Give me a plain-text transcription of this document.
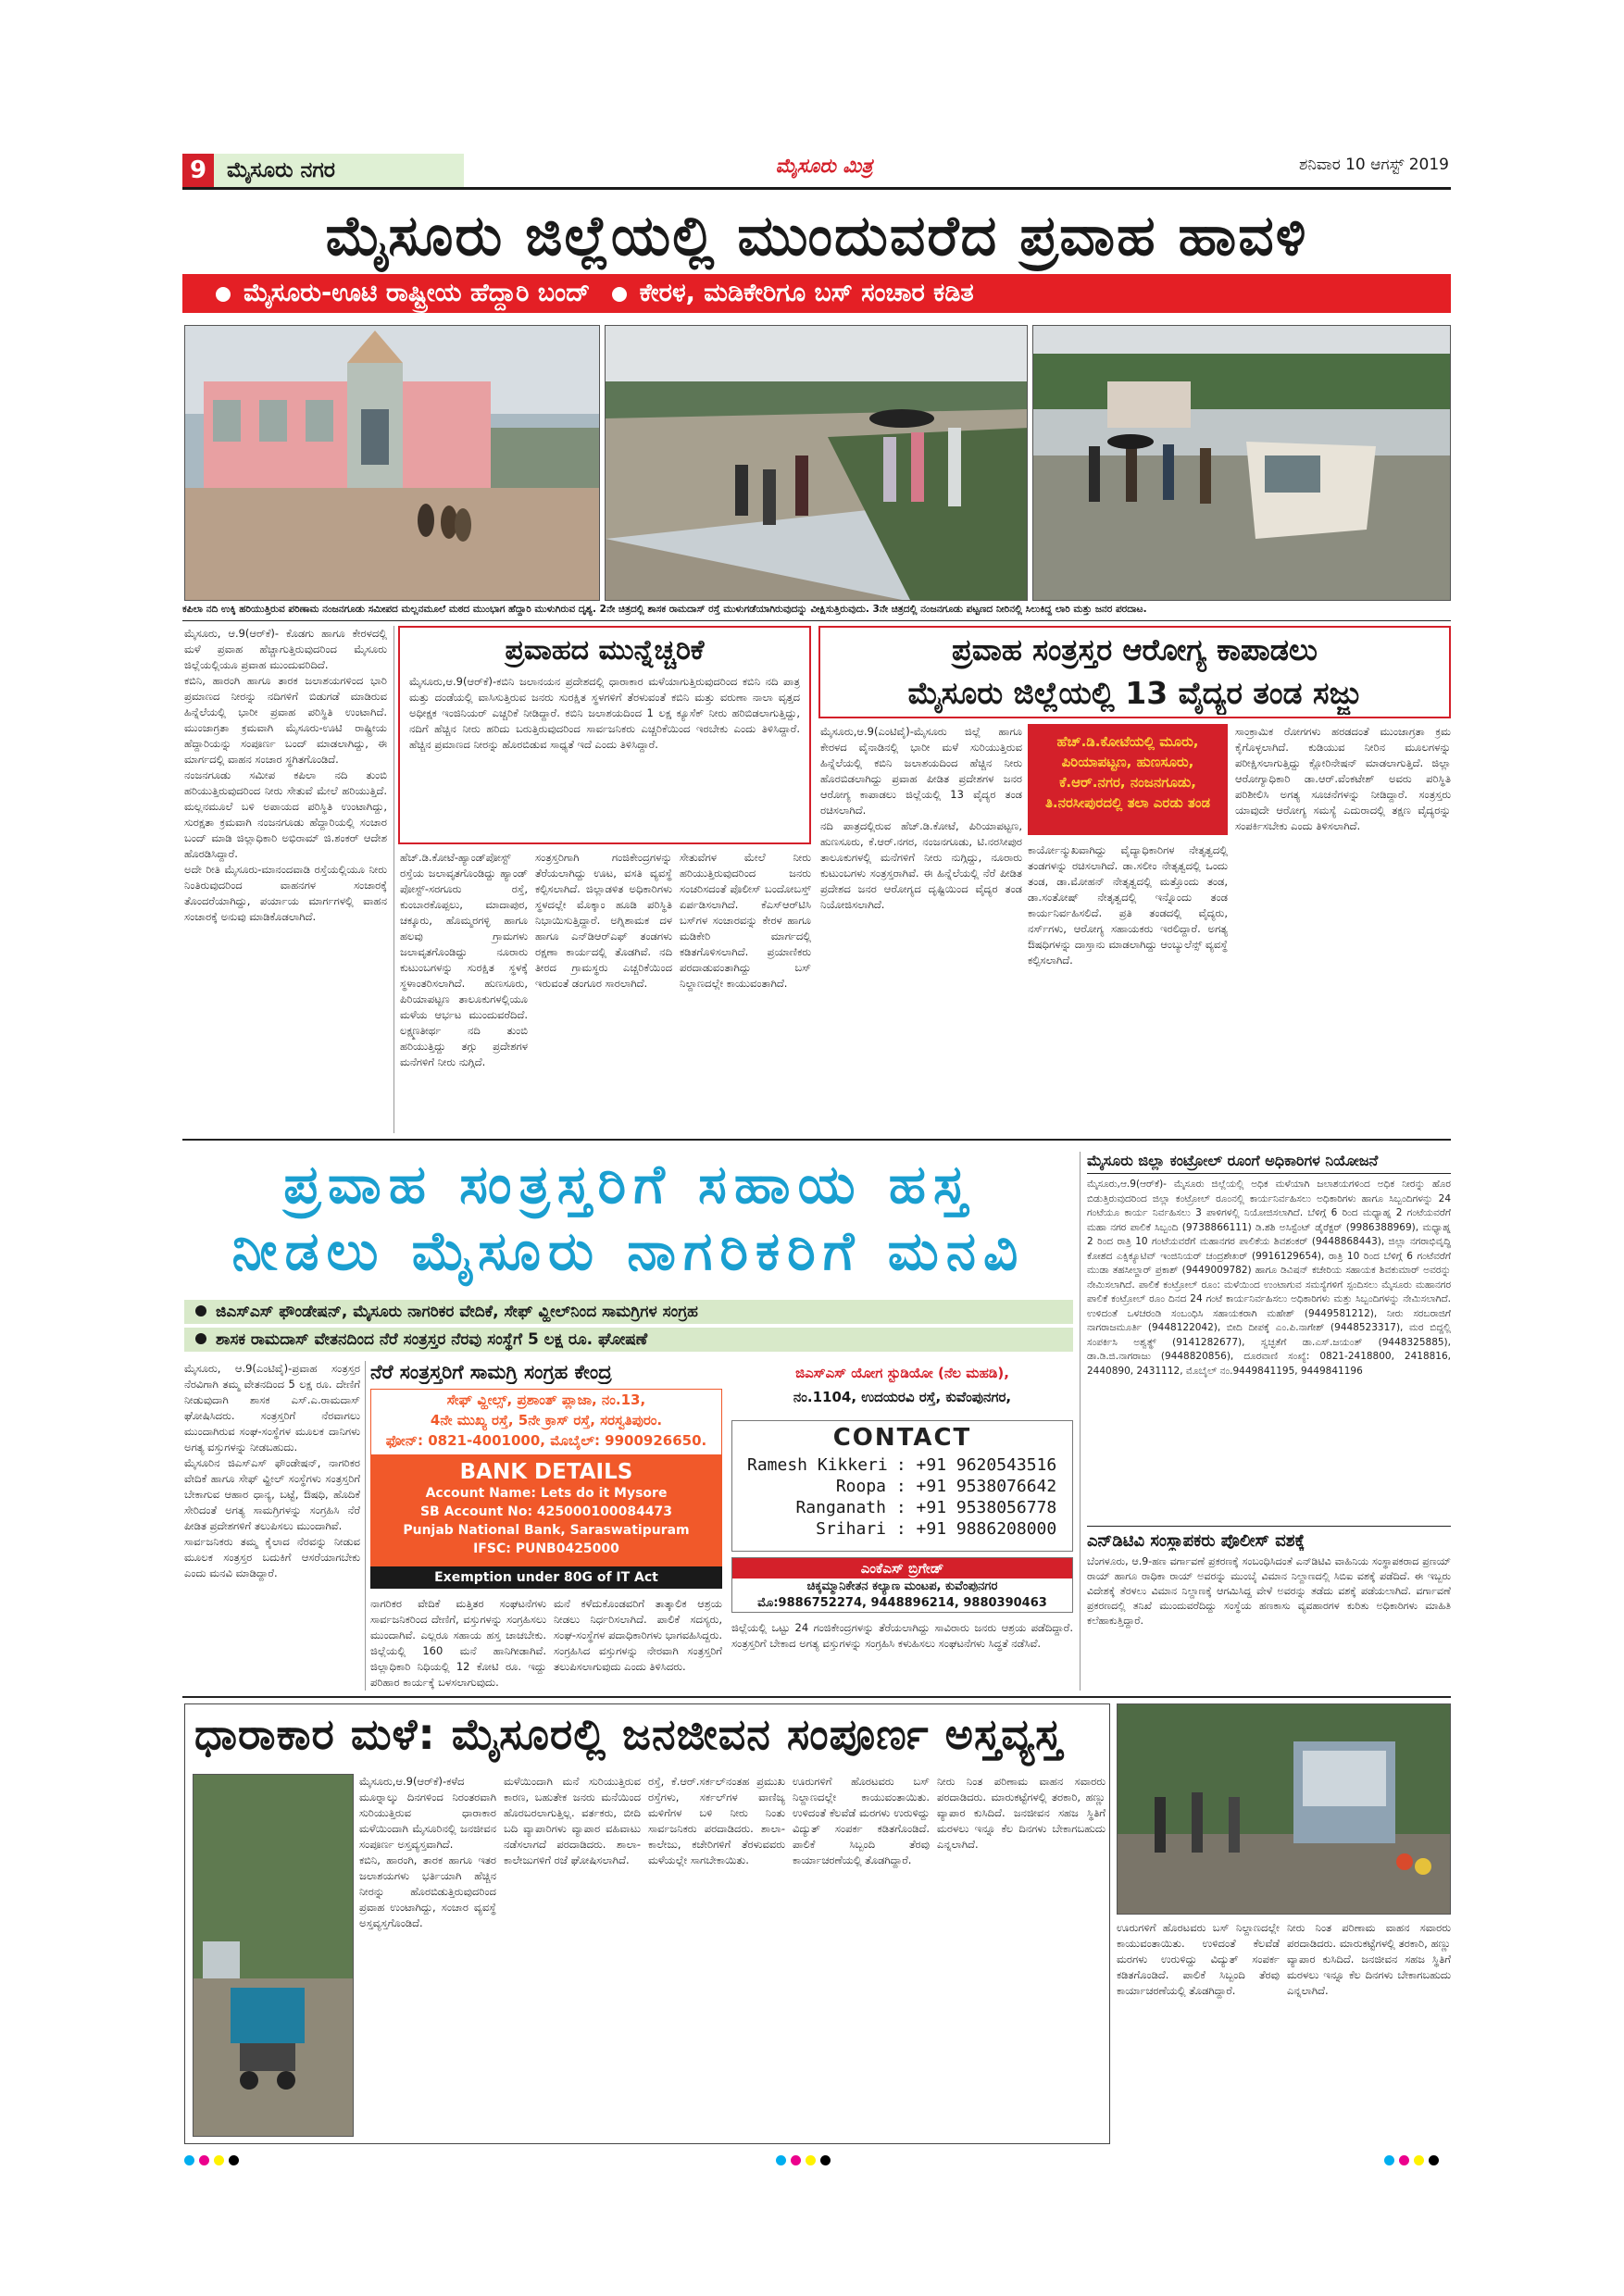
9 ಮೈಸೂರು ನಗರ	ಮೈಸೂರು ಮಿತ್ರ	ಶನಿವಾರ 10 ಆಗಸ್ಟ್ 2019
ಮೈಸೂರು ಜಿಲ್ಲೆಯಲ್ಲಿ ಮುಂದುವರೆದ ಪ್ರವಾಹ ಹಾವಳಿ
ಮೈಸೂರು-ಊಟಿ ರಾಷ್ಟ್ರೀಯ ಹೆದ್ದಾರಿ ಬಂದ್ ಕೇರಳ, ಮಡಿಕೇರಿಗೂ ಬಸ್ ಸಂಚಾರ ಕಡಿತ
ಕಪಿಲಾ ನದಿ ಉಕ್ಕಿ ಹರಿಯುತ್ತಿರುವ ಪರಿಣಾಮ ನಂಜನಗೂಡು ಸಮೀಪದ ಮಲ್ಲನಮೂಲೆ ಮಠದ ಮುಂಭಾಗ ಹೆದ್ದಾರಿ ಮುಳುಗಿರುವ ದೃಶ್ಯ. 2ನೇ ಚಿತ್ರದಲ್ಲಿ ಶಾಸಕ ರಾಮದಾಸ್ ರಸ್ತೆ ಮುಳುಗಡೆಯಾಗಿರುವುದನ್ನು ವೀಕ್ಷಿಸುತ್ತಿರುವುದು. 3ನೇ ಚಿತ್ರದಲ್ಲಿ ನಂಜನಗೂಡು ಪಟ್ಟಣದ ನೀರಿನಲ್ಲಿ ಸಿಲುಕಿದ್ದ ಲಾರಿ ಮತ್ತು ಜನರ ಪರದಾಟ.
ಮೈಸೂರು, ಆ.9(ಆರ್‌ಕೆ)- ಕೊಡಗು ಹಾಗೂ ಕೇರಳದಲ್ಲಿ ಮಳೆ ಪ್ರವಾಹ ಹೆಚ್ಚಾಗುತ್ತಿರುವುದರಿಂದ ಮೈಸೂರು ಜಿಲ್ಲೆಯಲ್ಲಿಯೂ ಪ್ರವಾಹ ಮುಂದುವರಿದಿದೆ.
ಕಬಿನಿ, ಹಾರಂಗಿ ಹಾಗೂ ತಾರಕ ಜಲಾಶಯಗಳಿಂದ ಭಾರಿ ಪ್ರಮಾಣದ ನೀರನ್ನು ನದಿಗಳಿಗೆ ಬಿಡುಗಡೆ ಮಾಡಿರುವ ಹಿನ್ನೆಲೆಯಲ್ಲಿ ಭಾರೀ ಪ್ರವಾಹ ಪರಿಸ್ಥಿತಿ ಉಂಟಾಗಿದೆ. ಮುಂಜಾಗ್ರತಾ ಕ್ರಮವಾಗಿ ಮೈಸೂರು-ಊಟಿ ರಾಷ್ಟ್ರೀಯ ಹೆದ್ದಾರಿಯನ್ನು ಸಂಪೂರ್ಣ ಬಂದ್ ಮಾಡಲಾಗಿದ್ದು, ಈ ಮಾರ್ಗದಲ್ಲಿ ವಾಹನ ಸಂಚಾರ ಸ್ಥಗಿತಗೊಂಡಿದೆ.
ನಂಜನಗೂಡು ಸಮೀಪ ಕಪಿಲಾ ನದಿ ತುಂಬಿ ಹರಿಯುತ್ತಿರುವುದರಿಂದ ನೀರು ಸೇತುವೆ ಮೇಲೆ ಹರಿಯುತ್ತಿದೆ. ಮಲ್ಲನಮೂಲೆ ಬಳಿ ಅಪಾಯದ ಪರಿಸ್ಥಿತಿ ಉಂಟಾಗಿದ್ದು, ಸುರಕ್ಷತಾ ಕ್ರಮವಾಗಿ ನಂಜನಗೂಡು ಹೆದ್ದಾರಿಯಲ್ಲಿ ಸಂಚಾರ ಬಂದ್ ಮಾಡಿ ಜಿಲ್ಲಾಧಿಕಾರಿ ಅಭಿರಾಮ್ ಜಿ.ಶಂಕರ್ ಆದೇಶ ಹೊರಡಿಸಿದ್ದಾರೆ.
ಅದೇ ರೀತಿ ಮೈಸೂರು-ಮಾನಂದವಾಡಿ ರಸ್ತೆಯಲ್ಲಿಯೂ ನೀರು ನಿಂತಿರುವುದರಿಂದ ವಾಹನಗಳ ಸಂಚಾರಕ್ಕೆ ತೊಂದರೆಯಾಗಿದ್ದು, ಪರ್ಯಾಯ ಮಾರ್ಗಗಳಲ್ಲಿ ವಾಹನ ಸಂಚಾರಕ್ಕೆ ಅನುವು ಮಾಡಿಕೊಡಲಾಗಿದೆ.
ಪ್ರವಾಹದ ಮುನ್ನೆಚ್ಚರಿಕೆ
ಮೈಸೂರು,ಆ.9(ಆರ್‌ಕೆ)-ಕಬಿನಿ ಜಲಾನಯನ ಪ್ರದೇಶದಲ್ಲಿ ಧಾರಾಕಾರ ಮಳೆಯಾಗುತ್ತಿರುವುದರಿಂದ ಕಬಿನಿ ನದಿ ಪಾತ್ರ ಮತ್ತು ದಂಡೆಯಲ್ಲಿ ವಾಸಿಸುತ್ತಿರುವ ಜನರು ಸುರಕ್ಷಿತ ಸ್ಥಳಗಳಿಗೆ ತೆರಳುವಂತೆ ಕಬಿನಿ ಮತ್ತು ವರುಣಾ ನಾಲಾ ವೃತ್ತದ ಅಧೀಕ್ಷಕ ಇಂಜಿನಿಯರ್ ಎಚ್ಚರಿಕೆ ನೀಡಿದ್ದಾರೆ. ಕಬಿನಿ ಜಲಾಶಯದಿಂದ 1 ಲಕ್ಷ ಕ್ಯೂಸೆಕ್ ನೀರು ಹರಿಬಿಡಲಾಗುತ್ತಿದ್ದು, ನದಿಗೆ ಹೆಚ್ಚಿನ ನೀರು ಹರಿದು ಬರುತ್ತಿರುವುದರಿಂದ ಸಾರ್ವಜನಿಕರು ಎಚ್ಚರಿಕೆಯಿಂದ ಇರಬೇಕು ಎಂದು ತಿಳಿಸಿದ್ದಾರೆ. ಹೆಚ್ಚಿನ ಪ್ರಮಾಣದ ನೀರನ್ನು ಹೊರಬಿಡುವ ಸಾಧ್ಯತೆ ಇದೆ ಎಂದು ತಿಳಿಸಿದ್ದಾರೆ.
ಹೆಚ್.ಡಿ.ಕೋಟೆ-ಹ್ಯಾಂಡ್‌ಪೋಸ್ಟ್ ರಸ್ತೆಯ ಜಲಾವೃತಗೊಂಡಿದ್ದು ಹ್ಯಾಂಡ್ ಪೋಸ್ಟ್-ಸರಗೂರು ರಸ್ತೆ, ಕುಂಬಾರಕೊಪ್ಪಲು, ಮಾದಾಪುರ, ಚಕ್ಕೂರು, ಹೊಮ್ಮರಗಳ್ಳಿ ಹಾಗೂ ಹಲವು ಗ್ರಾಮಗಳು ಜಲಾವೃತಗೊಂಡಿದ್ದು ನೂರಾರು ಕುಟುಂಬಗಳನ್ನು ಸುರಕ್ಷಿತ ಸ್ಥಳಕ್ಕೆ ಸ್ಥಳಾಂತರಿಸಲಾಗಿದೆ. ಹುಣಸೂರು, ಪಿರಿಯಾಪಟ್ಟಣ ತಾಲೂಕುಗಳಲ್ಲಿಯೂ ಮಳೆಯ ಆರ್ಭಟ ಮುಂದುವರೆದಿದೆ. ಲಕ್ಷ್ಮಣತೀರ್ಥ ನದಿ ತುಂಬಿ ಹರಿಯುತ್ತಿದ್ದು ತಗ್ಗು ಪ್ರದೇಶಗಳ ಮನೆಗಳಿಗೆ ನೀರು ನುಗ್ಗಿದೆ.
ಸಂತ್ರಸ್ತರಿಗಾಗಿ ಗಂಜಿಕೇಂದ್ರಗಳನ್ನು ತೆರೆಯಲಾಗಿದ್ದು ಊಟ, ವಸತಿ ವ್ಯವಸ್ಥೆ ಕಲ್ಪಿಸಲಾಗಿದೆ. ಜಿಲ್ಲಾಡಳಿತ ಅಧಿಕಾರಿಗಳು ಸ್ಥಳದಲ್ಲೇ ಮೊಕ್ಕಾಂ ಹೂಡಿ ಪರಿಸ್ಥಿತಿ ನಿಭಾಯಿಸುತ್ತಿದ್ದಾರೆ. ಅಗ್ನಿಶಾಮಕ ದಳ ಹಾಗೂ ಎನ್‌ಡಿಆರ್‌ಎಫ್ ತಂಡಗಳು ರಕ್ಷಣಾ ಕಾರ್ಯದಲ್ಲಿ ತೊಡಗಿವೆ. ನದಿ ತೀರದ ಗ್ರಾಮಸ್ಥರು ಎಚ್ಚರಿಕೆಯಿಂದ ಇರುವಂತೆ ಡಂಗೂರ ಸಾರಲಾಗಿದೆ.
ಸೇತುವೆಗಳ ಮೇಲೆ ನೀರು ಹರಿಯುತ್ತಿರುವುದರಿಂದ ಜನರು ಸಂಚರಿಸದಂತೆ ಪೊಲೀಸ್ ಬಂದೋಬಸ್ತ್ ಏರ್ಪಡಿಸಲಾಗಿದೆ. ಕೆಎಸ್‌ಆರ್‌ಟಿಸಿ ಬಸ್‌ಗಳ ಸಂಚಾರವನ್ನು ಕೇರಳ ಹಾಗೂ ಮಡಿಕೇರಿ ಮಾರ್ಗದಲ್ಲಿ ಕಡಿತಗೊಳಿಸಲಾಗಿದೆ. ಪ್ರಯಾಣಿಕರು ಪರದಾಡುವಂತಾಗಿದ್ದು ಬಸ್ ನಿಲ್ದಾಣದಲ್ಲೇ ಕಾಯುವಂತಾಗಿದೆ.
ಪ್ರವಾಹ ಸಂತ್ರಸ್ತರ ಆರೋಗ್ಯ ಕಾಪಾಡಲು
ಮೈಸೂರು ಜಿಲ್ಲೆಯಲ್ಲಿ 13 ವೈದ್ಯರ ತಂಡ ಸಜ್ಜು
ಮೈಸೂರು,ಆ.9(ಎಂಟಿವೈ)-ಮೈಸೂರು ಜಿಲ್ಲೆ ಹಾಗೂ ಕೇರಳದ ವೈನಾಡಿನಲ್ಲಿ ಭಾರೀ ಮಳೆ ಸುರಿಯುತ್ತಿರುವ ಹಿನ್ನೆಲೆಯಲ್ಲಿ ಕಬಿನಿ ಜಲಾಶಯದಿಂದ ಹೆಚ್ಚಿನ ನೀರು ಹೊರಬಿಡಲಾಗಿದ್ದು ಪ್ರವಾಹ ಪೀಡಿತ ಪ್ರದೇಶಗಳ ಜನರ ಆರೋಗ್ಯ ಕಾಪಾಡಲು ಜಿಲ್ಲೆಯಲ್ಲಿ 13 ವೈದ್ಯರ ತಂಡ ರಚಿಸಲಾಗಿದೆ.
ನದಿ ಪಾತ್ರದಲ್ಲಿರುವ ಹೆಚ್.ಡಿ.ಕೋಟೆ, ಪಿರಿಯಾಪಟ್ಟಣ, ಹುಣಸೂರು, ಕೆ.ಆರ್.ನಗರ, ನಂಜನಗೂಡು, ಟಿ.ನರಸೀಪುರ ತಾಲೂಕುಗಳಲ್ಲಿ ಮನೆಗಳಿಗೆ ನೀರು ನುಗ್ಗಿದ್ದು, ನೂರಾರು ಕುಟುಂಬಗಳು ಸಂತ್ರಸ್ತರಾಗಿವೆ. ಈ ಹಿನ್ನೆಲೆಯಲ್ಲಿ ನೆರೆ ಪೀಡಿತ ಪ್ರದೇಶದ ಜನರ ಆರೋಗ್ಯದ ದೃಷ್ಟಿಯಿಂದ ವೈದ್ಯರ ತಂಡ ನಿಯೋಜಿಸಲಾಗಿದೆ.
ಹೆಚ್.ಡಿ.ಕೋಟೆಯಲ್ಲಿ ಮೂರು, ಪಿರಿಯಾಪಟ್ಟಣ, ಹುಣಸೂರು, ಕೆ.ಆರ್.ನಗರ, ನಂಜನಗೂಡು, ತಿ.ನರಸೀಪುರದಲ್ಲಿ ತಲಾ ಎರಡು ತಂಡ
ಕಾರ್ಯೋನ್ಮುಖವಾಗಿದ್ದು ವೈದ್ಯಾಧಿಕಾರಿಗಳ ನೇತೃತ್ವದಲ್ಲಿ ತಂಡಗಳನ್ನು ರಚಿಸಲಾಗಿದೆ. ಡಾ.ಸಲೀಂ ನೇತೃತ್ವದಲ್ಲಿ ಒಂದು ತಂಡ, ಡಾ.ಮೋಹನ್ ನೇತೃತ್ವದಲ್ಲಿ ಮತ್ತೊಂದು ತಂಡ, ಡಾ.ಸಂತೋಷ್ ನೇತೃತ್ವದಲ್ಲಿ ಇನ್ನೊಂದು ತಂಡ ಕಾರ್ಯನಿರ್ವಹಿಸಲಿದೆ. ಪ್ರತಿ ತಂಡದಲ್ಲಿ ವೈದ್ಯರು, ನರ್ಸ್‌ಗಳು, ಆರೋಗ್ಯ ಸಹಾಯಕರು ಇರಲಿದ್ದಾರೆ. ಅಗತ್ಯ ಔಷಧಿಗಳನ್ನು ದಾಸ್ತಾನು ಮಾಡಲಾಗಿದ್ದು ಆಂಬ್ಯುಲೆನ್ಸ್ ವ್ಯವಸ್ಥೆ ಕಲ್ಪಿಸಲಾಗಿದೆ.
ಸಾಂಕ್ರಾಮಿಕ ರೋಗಗಳು ಹರಡದಂತೆ ಮುಂಜಾಗ್ರತಾ ಕ್ರಮ ಕೈಗೊಳ್ಳಲಾಗಿದೆ. ಕುಡಿಯುವ ನೀರಿನ ಮೂಲಗಳನ್ನು ಪರೀಕ್ಷಿಸಲಾಗುತ್ತಿದ್ದು ಕ್ಲೋರಿನೇಷನ್ ಮಾಡಲಾಗುತ್ತಿದೆ. ಜಿಲ್ಲಾ ಆರೋಗ್ಯಾಧಿಕಾರಿ ಡಾ.ಆರ್.ವೆಂಕಟೇಶ್ ಅವರು ಪರಿಸ್ಥಿತಿ ಪರಿಶೀಲಿಸಿ ಅಗತ್ಯ ಸೂಚನೆಗಳನ್ನು ನೀಡಿದ್ದಾರೆ. ಸಂತ್ರಸ್ತರು ಯಾವುದೇ ಆರೋಗ್ಯ ಸಮಸ್ಯೆ ಎದುರಾದಲ್ಲಿ ತಕ್ಷಣ ವೈದ್ಯರನ್ನು ಸಂಪರ್ಕಿಸಬೇಕು ಎಂದು ತಿಳಿಸಲಾಗಿದೆ.
ಪ್ರವಾಹ ಸಂತ್ರಸ್ತರಿಗೆ ಸಹಾಯ ಹಸ್ತ
ನೀಡಲು ಮೈಸೂರು ನಾಗರಿಕರಿಗೆ ಮನವಿ
ಜಿಎಸ್‌ಎಸ್ ಫೌಂಡೇಷನ್, ಮೈಸೂರು ನಾಗರಿಕರ ವೇದಿಕೆ, ಸೇಫ್ ವ್ಹೀಲ್‌ನಿಂದ ಸಾಮಗ್ರಿಗಳ ಸಂಗ್ರಹ
ಶಾಸಕ ರಾಮದಾಸ್ ವೇತನದಿಂದ ನೆರೆ ಸಂತ್ರಸ್ತರ ನೆರವು ಸಂಸ್ಥೆಗೆ 5 ಲಕ್ಷ ರೂ. ಘೋಷಣೆ
ಮೈಸೂರು, ಆ.9(ಎಂಟಿವೈ)-ಪ್ರವಾಹ ಸಂತ್ರಸ್ತರ ನೆರವಿಗಾಗಿ ತಮ್ಮ ವೇತನದಿಂದ 5 ಲಕ್ಷ ರೂ. ದೇಣಿಗೆ ನೀಡುವುದಾಗಿ ಶಾಸಕ ಎಸ್.ಎ.ರಾಮದಾಸ್ ಘೋಷಿಸಿದರು. ಸಂತ್ರಸ್ತರಿಗೆ ನೆರವಾಗಲು ಮುಂದಾಗಿರುವ ಸಂಘ-ಸಂಸ್ಥೆಗಳ ಮೂಲಕ ದಾನಿಗಳು ಅಗತ್ಯ ವಸ್ತುಗಳನ್ನು ನೀಡಬಹುದು.
ಮೈಸೂರಿನ ಜಿಎಸ್‌ಎಸ್ ಫೌಂಡೇಷನ್, ನಾಗರಿಕರ ವೇದಿಕೆ ಹಾಗೂ ಸೇಫ್ ವ್ಹೀಲ್ ಸಂಸ್ಥೆಗಳು ಸಂತ್ರಸ್ತರಿಗೆ ಬೇಕಾಗುವ ಆಹಾರ ಧಾನ್ಯ, ಬಟ್ಟೆ, ಔಷಧಿ, ಹೊದಿಕೆ ಸೇರಿದಂತೆ ಅಗತ್ಯ ಸಾಮಗ್ರಿಗಳನ್ನು ಸಂಗ್ರಹಿಸಿ ನೆರೆ ಪೀಡಿತ ಪ್ರದೇಶಗಳಿಗೆ ತಲುಪಿಸಲು ಮುಂದಾಗಿವೆ.
ಸಾರ್ವಜನಿಕರು ತಮ್ಮ ಕೈಲಾದ ನೆರವನ್ನು ನೀಡುವ ಮೂಲಕ ಸಂತ್ರಸ್ತರ ಬದುಕಿಗೆ ಆಸರೆಯಾಗಬೇಕು ಎಂದು ಮನವಿ ಮಾಡಿದ್ದಾರೆ.
ನೆರೆ ಸಂತ್ರಸ್ತರಿಗೆ ಸಾಮಗ್ರಿ ಸಂಗ್ರಹ ಕೇಂದ್ರ
ಸೇಫ್ ವ್ಹೀಲ್ಸ್, ಪ್ರಶಾಂತ್ ಪ್ಲಾಜಾ, ನಂ.13,
4ನೇ ಮುಖ್ಯ ರಸ್ತೆ, 5ನೇ ಕ್ರಾಸ್ ರಸ್ತೆ, ಸರಸ್ವತಿಪುರಂ.
ಫೋನ್: 0821-4001000, ಮೊಬೈಲ್: 9900926650.
BANK DETAILS
Account Name: Lets do it Mysore
SB Account No: 425000100084473
Punjab National Bank, Saraswatipuram
IFSC: PUNB0425000
Exemption under 80G of IT Act
ಜಿಎಸ್‌ಎಸ್ ಯೋಗ ಸ್ಟುಡಿಯೋ (ನೆಲ ಮಹಡಿ),
ನಂ.1104, ಉದಯರವಿ ರಸ್ತೆ, ಕುವೆಂಪುನಗರ,
CONTACT
Ramesh Kikkeri : +91 9620543516
Roopa : +91 9538076642
Ranganath : +91 9538056778
Srihari : +91 9886208000
ಎಂಕೆಎಸ್ ಬ್ರಿಗೇಡ್
ಚಿಕ್ಕಮ್ಮಾನಿಕೇತನ ಕಲ್ಯಾಣ ಮಂಟಪ, ಕುವೆಂಪುನಗರ
ಮೊ:9886752274, 9448896214, 9880390463
ನಾಗರಿಕರ ವೇದಿಕೆ ಮತ್ತಿತರ ಸಂಘಟನೆಗಳು ಸಾರ್ವಜನಿಕರಿಂದ ದೇಣಿಗೆ, ವಸ್ತುಗಳನ್ನು ಸಂಗ್ರಹಿಸಲು ಮುಂದಾಗಿವೆ. ಎಲ್ಲರೂ ಸಹಾಯ ಹಸ್ತ ಚಾಚಬೇಕು. ಜಿಲ್ಲೆಯಲ್ಲಿ 160 ಮನೆ ಹಾನಿಗೀಡಾಗಿವೆ. ಜಿಲ್ಲಾಧಿಕಾರಿ ನಿಧಿಯಲ್ಲಿ 12 ಕೋಟಿ ರೂ. ಇದ್ದು ಪರಿಹಾರ ಕಾರ್ಯಕ್ಕೆ ಬಳಸಲಾಗುವುದು.
ಮನೆ ಕಳೆದುಕೊಂಡವರಿಗೆ ತಾತ್ಕಾಲಿಕ ಆಶ್ರಯ ನೀಡಲು ನಿರ್ಧರಿಸಲಾಗಿದೆ. ಪಾಲಿಕೆ ಸದಸ್ಯರು, ಸಂಘ-ಸಂಸ್ಥೆಗಳ ಪದಾಧಿಕಾರಿಗಳು ಭಾಗವಹಿಸಿದ್ದರು. ಸಂಗ್ರಹಿಸಿದ ವಸ್ತುಗಳನ್ನು ನೇರವಾಗಿ ಸಂತ್ರಸ್ತರಿಗೆ ತಲುಪಿಸಲಾಗುವುದು ಎಂದು ತಿಳಿಸಿದರು.
ಜಿಲ್ಲೆಯಲ್ಲಿ ಒಟ್ಟು 24 ಗಂಜಿಕೇಂದ್ರಗಳನ್ನು ತೆರೆಯಲಾಗಿದ್ದು ಸಾವಿರಾರು ಜನರು ಆಶ್ರಯ ಪಡೆದಿದ್ದಾರೆ. ಸಂತ್ರಸ್ತರಿಗೆ ಬೇಕಾದ ಅಗತ್ಯ ವಸ್ತುಗಳನ್ನು ಸಂಗ್ರಹಿಸಿ ಕಳುಹಿಸಲು ಸಂಘಟನೆಗಳು ಸಿದ್ಧತೆ ನಡೆಸಿವೆ.
ಮೈಸೂರು ಜಿಲ್ಲಾ ಕಂಟ್ರೋಲ್ ರೂಂಗೆ ಅಧಿಕಾರಿಗಳ ನಿಯೋಜನೆ
ಮೈಸೂರು,ಆ.9(ಆರ್‌ಕೆ)- ಮೈಸೂರು ಜಿಲ್ಲೆಯಲ್ಲಿ ಅಧಿಕ ಮಳೆಯಾಗಿ ಜಲಾಶಯಗಳಿಂದ ಅಧಿಕ ನೀರನ್ನು ಹೊರ ಬಿಡುತ್ತಿರುವುದರಿಂದ ಜಿಲ್ಲಾ ಕಂಟ್ರೋಲ್ ರೂಂನಲ್ಲಿ ಕಾರ್ಯನಿರ್ವಹಿಸಲು ಅಧಿಕಾರಿಗಳು ಹಾಗೂ ಸಿಬ್ಬಂದಿಗಳನ್ನು 24 ಗಂಟೆಯೂ ಕಾರ್ಯ ನಿರ್ವಹಿಸಲು 3 ಪಾಳಿಗಳಲ್ಲಿ ನಿಯೋಜಿಸಲಾಗಿದೆ. ಬೆಳಿಗ್ಗೆ 6 ರಿಂದ ಮಧ್ಯಾಹ್ನ 2 ಗಂಟೆಯವರೆಗೆ ಮಹಾ ನಗರ ಪಾಲಿಕೆ ಸಿಬ್ಬಂದಿ (9738866111) ಡಿ.ಶಶಿ ಅಸಿಸ್ಟೆಂಟ್ ಡೈರೆಕ್ಟರ್ (9986388969), ಮಧ್ಯಾಹ್ನ 2 ರಿಂದ ರಾತ್ರಿ 10 ಗಂಟೆಯವರೆಗೆ ಮಹಾನಗರ ಪಾಲಿಕೆಯ ಶಿವಶಂಕರ್ (9448868443), ಜಿಲ್ಲಾ ನಗರಾಭಿವೃದ್ಧಿ ಕೋಶದ ಎಕ್ಸಿಕ್ಯೂಟಿವ್ ಇಂಜಿನಿಯರ್ ಚಂದ್ರಶೇಖರ್ (9916129654), ರಾತ್ರಿ 10 ರಿಂದ ಬೆಳಿಗ್ಗೆ 6 ಗಂಟೆವರೆಗೆ ಮುಡಾ ತಹಸೀಲ್ದಾರ್ ಪ್ರಕಾಶ್ (9449009782) ಹಾಗೂ ಡಿವಿಷನ್ ಕಚೇರಿಯ ಸಹಾಯಕ ಶಿವಕುಮಾರ್ ಅವರನ್ನು ನೇಮಿಸಲಾಗಿದೆ. ಪಾಲಿಕೆ ಕಂಟ್ರೋಲ್ ರೂಂ: ಮಳೆಯಿಂದ ಉಂಟಾಗುವ ಸಮಸ್ಯೆಗಳಿಗೆ ಸ್ಪಂದಿಸಲು ಮೈಸೂರು ಮಹಾನಗರ ಪಾಲಿಕೆ ಕಂಟ್ರೋಲ್ ರೂಂ ದಿನದ 24 ಗಂಟೆ ಕಾರ್ಯನಿರ್ವಹಿಸಲು ಅಧಿಕಾರಿಗಳು ಮತ್ತು ಸಿಬ್ಬಂದಿಗಳನ್ನು ನೇಮಿಸಲಾಗಿದೆ. ಉಳಿದಂತೆ ಒಳಚರಂಡಿ ಸಂಬಂಧಿಸಿ ಸಹಾಯಕರಾಗಿ ಮಹೇಶ್ (9449581212), ನೀರು ಸರಬರಾಜಿಗೆ ನಾಗರಾಜಮೂರ್ತಿ (9448122042), ಬೀದಿ ದೀಪಕ್ಕೆ ಎಂ.ಪಿ.ನಾಗೇಶ್ (9448523317), ಮರ ಬಿದ್ದಲ್ಲಿ ಸಂಪರ್ಕಿಸಿ ಅಶ್ವತ್ಥ್ (9141282677), ಸ್ವಚ್ಛತೆಗೆ ಡಾ.ಎಸ್.ಜಯಂತ್ (9448325885), ಡಾ.ಡಿ.ಜಿ.ನಾಗರಾಜು (9448820856), ದೂರವಾಣಿ ಸಂಖ್ಯೆ: 0821-2418800, 2418816, 2440890, 2431112, ಮೊಬೈಲ್ ನಂ.9449841195, 9449841196
ಎನ್‌ಡಿಟಿವಿ ಸಂಸ್ಥಾಪಕರು ಪೊಲೀಸ್ ವಶಕ್ಕೆ
ಬೆಂಗಳೂರು, ಆ.9-ಹಣ ವರ್ಗಾವಣೆ ಪ್ರಕರಣಕ್ಕೆ ಸಂಬಂಧಿಸಿದಂತೆ ಎನ್‌ಡಿಟಿವಿ ವಾಹಿನಿಯ ಸಂಸ್ಥಾಪಕರಾದ ಪ್ರಣಯ್ ರಾಯ್ ಹಾಗೂ ರಾಧಿಕಾ ರಾಯ್ ಅವರನ್ನು ಮುಂಬೈ ವಿಮಾನ ನಿಲ್ದಾಣದಲ್ಲಿ ಸಿಬಿಐ ವಶಕ್ಕೆ ಪಡೆದಿದೆ. ಈ ಇಬ್ಬರು ವಿದೇಶಕ್ಕೆ ತೆರಳಲು ವಿಮಾನ ನಿಲ್ದಾಣಕ್ಕೆ ಆಗಮಿಸಿದ್ದ ವೇಳೆ ಅವರನ್ನು ತಡೆದು ವಶಕ್ಕೆ ಪಡೆಯಲಾಗಿದೆ. ವರ್ಗಾವಣೆ ಪ್ರಕರಣದಲ್ಲಿ ತನಿಖೆ ಮುಂದುವರೆದಿದ್ದು ಸಂಸ್ಥೆಯ ಹಣಕಾಸು ವ್ಯವಹಾರಗಳ ಕುರಿತು ಅಧಿಕಾರಿಗಳು ಮಾಹಿತಿ ಕಲೆಹಾಕುತ್ತಿದ್ದಾರೆ.
ಧಾರಾಕಾರ ಮಳೆ: ಮೈಸೂರಲ್ಲಿ ಜನಜೀವನ ಸಂಪೂರ್ಣ ಅಸ್ತವ್ಯಸ್ತ
ಮೈಸೂರು,ಆ.9(ಆರ್‌ಕೆ)-ಕಳೆದ ಮೂರ್‍ನಾಲ್ಕು ದಿನಗಳಿಂದ ನಿರಂತರವಾಗಿ ಸುರಿಯುತ್ತಿರುವ ಧಾರಾಕಾರ ಮಳೆಯಿಂದಾಗಿ ಮೈಸೂರಿನಲ್ಲಿ ಜನಜೀವನ ಸಂಪೂರ್ಣ ಅಸ್ತವ್ಯಸ್ತವಾಗಿದೆ.
ಕಬಿನಿ, ಹಾರಂಗಿ, ತಾರಕ ಹಾಗೂ ಇತರ ಜಲಾಶಯಗಳು ಭರ್ತಿಯಾಗಿ ಹೆಚ್ಚಿನ ನೀರನ್ನು ಹೊರಬಿಡುತ್ತಿರುವುದರಿಂದ ಪ್ರವಾಹ ಉಂಟಾಗಿದ್ದು, ಸಂಚಾರ ವ್ಯವಸ್ಥೆ ಅಸ್ತವ್ಯಸ್ತಗೊಂಡಿದೆ.
ಮಳೆಯಿಂದಾಗಿ ಮನೆ ಸುರಿಯುತ್ತಿರುವ ಕಾರಣ, ಬಹುತೇಕ ಜನರು ಮನೆಯಿಂದ ಹೊರಬರಲಾಗುತ್ತಿಲ್ಲ. ವರ್ತಕರು, ಬೀದಿ ಬದಿ ವ್ಯಾಪಾರಿಗಳು ವ್ಯಾಪಾರ ವಹಿವಾಟು ನಡೆಸಲಾಗದೆ ಪರದಾಡಿದರು. ಶಾಲಾ-ಕಾಲೇಜುಗಳಿಗೆ ರಜೆ ಘೋಷಿಸಲಾಗಿದೆ.
ರಸ್ತೆ, ಕೆ.ಆರ್.ಸರ್ಕಲ್‌ನಂತಹ ಪ್ರಮುಖ ರಸ್ತೆಗಳು, ಸರ್ಕಲ್‌ಗಳ ವಾಣಿಜ್ಯ ಮಳಿಗೆಗಳ ಬಳಿ ನೀರು ನಿಂತು ಸಾರ್ವಜನಿಕರು ಪರದಾಡಿದರು. ಶಾಲಾ-ಕಾಲೇಜು, ಕಚೇರಿಗಳಿಗೆ ತೆರಳುವವರು ಮಳೆಯಲ್ಲೇ ಸಾಗಬೇಕಾಯಿತು.
ಊರುಗಳಿಗೆ ಹೊರಟವರು ಬಸ್ ನಿಲ್ದಾಣದಲ್ಲೇ ಕಾಯುವಂತಾಯಿತು. ಉಳಿದಂತೆ ಕೆಲವೆಡೆ ಮರಗಳು ಉರುಳಿದ್ದು ವಿದ್ಯುತ್ ಸಂಪರ್ಕ ಕಡಿತಗೊಂಡಿದೆ. ಪಾಲಿಕೆ ಸಿಬ್ಬಂದಿ ತೆರವು ಕಾರ್ಯಾಚರಣೆಯಲ್ಲಿ ತೊಡಗಿದ್ದಾರೆ.
ನೀರು ನಿಂತ ಪರಿಣಾಮ ವಾಹನ ಸವಾರರು ಪರದಾಡಿದರು. ಮಾರುಕಟ್ಟೆಗಳಲ್ಲಿ ತರಕಾರಿ, ಹಣ್ಣು ವ್ಯಾಪಾರ ಕುಸಿದಿದೆ. ಜನಜೀವನ ಸಹಜ ಸ್ಥಿತಿಗೆ ಮರಳಲು ಇನ್ನೂ ಕೆಲ ದಿನಗಳು ಬೇಕಾಗಬಹುದು ಎನ್ನಲಾಗಿದೆ.
ಊರುಗಳಿಗೆ ಹೊರಟವರು ಬಸ್ ನಿಲ್ದಾಣದಲ್ಲೇ ಕಾಯುವಂತಾಯಿತು. ಉಳಿದಂತೆ ಕೆಲವೆಡೆ ಮರಗಳು ಉರುಳಿದ್ದು ವಿದ್ಯುತ್ ಸಂಪರ್ಕ ಕಡಿತಗೊಂಡಿದೆ. ಪಾಲಿಕೆ ಸಿಬ್ಬಂದಿ ತೆರವು ಕಾರ್ಯಾಚರಣೆಯಲ್ಲಿ ತೊಡಗಿದ್ದಾರೆ.
ನೀರು ನಿಂತ ಪರಿಣಾಮ ವಾಹನ ಸವಾರರು ಪರದಾಡಿದರು. ಮಾರುಕಟ್ಟೆಗಳಲ್ಲಿ ತರಕಾರಿ, ಹಣ್ಣು ವ್ಯಾಪಾರ ಕುಸಿದಿದೆ. ಜನಜೀವನ ಸಹಜ ಸ್ಥಿತಿಗೆ ಮರಳಲು ಇನ್ನೂ ಕೆಲ ದಿನಗಳು ಬೇಕಾಗಬಹುದು ಎನ್ನಲಾಗಿದೆ.
